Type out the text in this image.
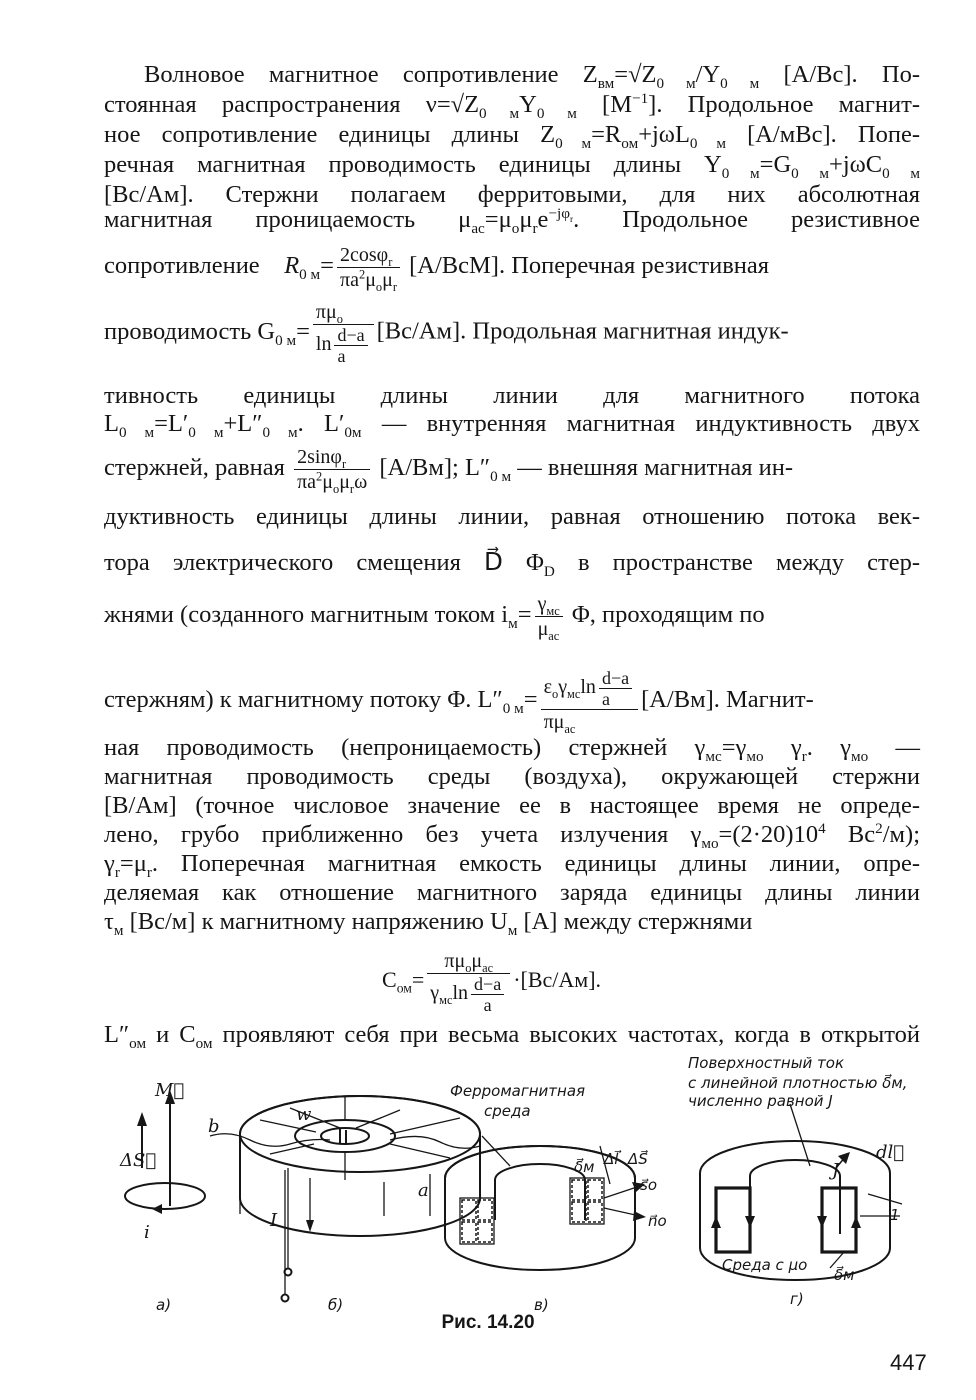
Волновое магнитное сопротивление $Z_{вм}=√Z_{0 м}/Y_{0 м}$ [А/Вс]. По-
стоянная распространения $\nu=√Z_{0 м}Y_{0 м}$ $[М^{-1}]$. Продольное магнит-
ное сопротивление единицы длины $Z_{0 м}=R_{ом}+j\omega L_{0 м}$ [А/мВс]. Попе-
речная магнитная проводимость единицы длины $Y_{0 м}=G_{0 м}+j\omega C_{0 м}$
[Вс/Ам]. Стержни полагаем ферритовыми, для них абсолютная
магнитная проницаемость $\mu_{ас}=\mu_о\mu_re^{-j\varphi_r}$. Продольное резистивное
сопротивление $R_{0 м}= \frac{2\cos\varphi_r}{\pi a^2\mu_о\mu_r} [А/ВсМ]$. Поперечная резистивная
проводимость $G_{0 м}= \frac{\pi\mu_о}{\ln \frac{d-a}{a}} [Вс/Ам]$. Продольная магнитная индук-
тивность единицы длины линии для магнитного потока
$L_{0 м}=L'_{0 м}+L''_{0 м}$. $L'_{0м}$ — внутренняя магнитная индуктивность двух
стержней, равная $\frac{2\sin\varphi_r}{\pi a^2\mu_о\mu_r\omega} [А/Вм]$; $L''_{0 м}$ — внешняя магнитная ин-
дуктивность единицы длины линии, равная отношению потока век-
тора электрического смещения D⃗ $\Phi_D$ в пространстве между стер-
жнями (созданного магнитным током $i_м= \frac{\gamma_{мс}}{\mu_{ас}} \Phi$, проходящим по
стержням) к магнитному потоку Φ. $L''_{0 м}= \frac{\varepsilon_о\gamma_{мс}\ln \frac{d-a}{a}}{\pi\mu_{ас}} [А/Вм]$. Магнит-
ная проводимость (непроницаемость) стержней $\gamma_{мс}=\gamma_{мо}$ $\gamma_r$. $\gamma_{мо}$ —
магнитная проводимость среды (воздуха), окружающей стержни
[В/Ам] (точное числовое значение ее в настоящее время не опреде-
лено, грубо приближенно без учета излучения $\gamma_{мо}=(2\cdot 20)10^4$ $Вс^2/м$);
$\gamma_r=\mu_r$. Поперечная магнитная емкость единицы длины линии, опре-
деляемая как отношение магнитного заряда единицы длины линии
$\tau_м$ [Вс/м] к магнитному напряжению $U_м$ [А] между стержнями
$C_{ом}= \frac{\pi\mu_о\mu_{ас}}{\gamma_{мс}\ln \frac{d-a}{a}} \cdot[Вс/Ам]$.
$L''_{ом}$ и $C_{ом}$ проявляют себя при весьма высоких частотах, когда в открытой
M⃗
ΔS⃗
i
w
b
a
I
Ферромагнитная
среда
δ⃗м Δl⃗ ΔS⃗
s⃗о
n⃗о
Поверхностный ток
с линейной плотностью δ⃗м,
численно равной J
J
dl⃗
1
Среда с μо
δ⃗м
а)	б)	в)	г)
Рис. 14.20
447
